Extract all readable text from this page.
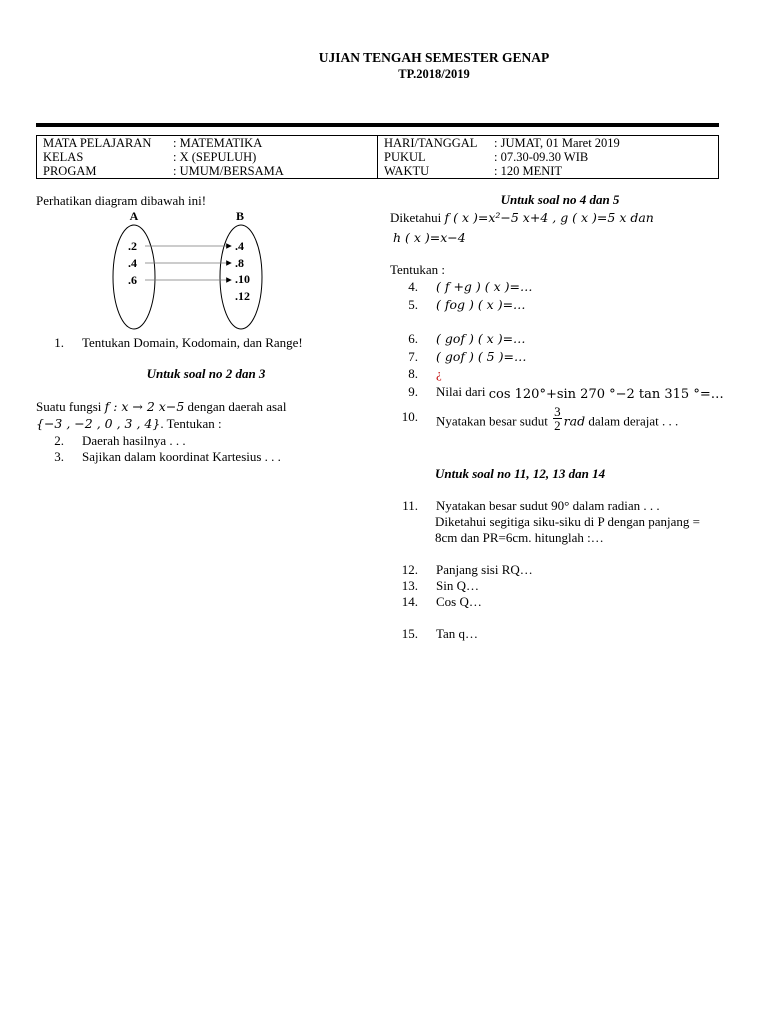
UJIAN TENGAH SEMESTER GENAP
TP.2018/2019
MATA PELAJARAN : MATEMATIKA
KELAS	: X (SEPULUH)
PROGAM	: UMUM/BERSAMA

HARI/TANGGAL : JUMAT, 01 Maret 2019
PUKUL	: 07.30-09.30 WIB
WAKTU	: 120 MENIT
Perhatikan diagram dibawah ini!
A	B
.2
.4
.6
.4
.8
.10
.12
1. Tentukan Domain, Kodomain, dan Range!
Untuk soal no 2 dan 3
Suatu fungsi f : x → 2 x−5 dengan daerah asal
{−3 , −2 , 0 , 3 , 4}. Tentukan :
2. Daerah hasilnya . . .
3. Sajikan dalam koordinat Kartesius . . .
Untuk soal no 4 dan 5
Diketahui f ( x )=x²−5 x+4 , g ( x )=5 x dan
h ( x )=x−4
Tentukan :
4. ( f +g ) ( x )=…
5. ( fog ) ( x )=…
6. ( gof ) ( x )=…
7. ( gof ) ( 5 )=…
8. ¿
9. Nilai dari cos 120°+sin 270 °−2 tan 315 °=…
10. Nyatakan besar sudut $\frac{3}{2}$ rad dalam derajat . . .
Untuk soal no 11, 12, 13 dan 14
11. Nyatakan besar sudut 90° dalam radian . . .
Diketahui segitiga siku-siku di P dengan panjang =
8cm dan PR=6cm. hitunglah :…
12. Panjang sisi RQ…
13. Sin Q…
14. Cos Q…
15. Tan q…
